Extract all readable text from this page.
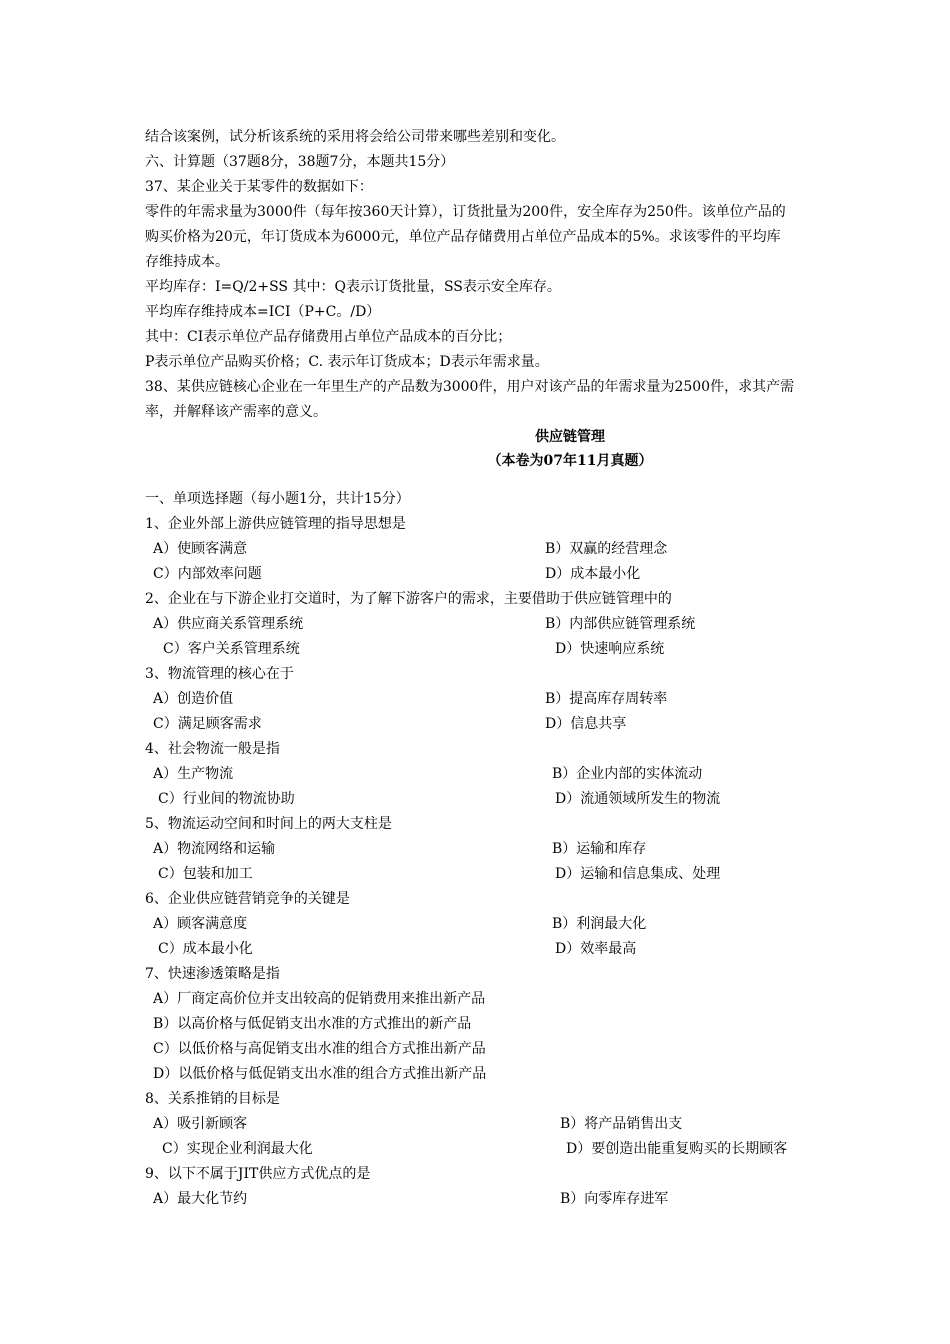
结合该案例，试分析该系统的采用将会给公司带来哪些差别和变化。
六、计算题（37题8分，38题7分，本题共15分）
37、某企业关于某零件的数据如下：
零件的年需求量为3000件（每年按360天计算），订货批量为200件，安全库存为250件。该单位产品的
购买价格为20元，年订货成本为6000元，单位产品存储费用占单位产品成本的5%。求该零件的平均库
存维持成本。
平均库存：I=Q/2+SS 其中：Q表示订货批量，SS表示安全库存。
平均库存维持成本=ICI（P+C。/D）
其中：CI表示单位产品存储费用占单位产品成本的百分比；
P表示单位产品购买价格；C. 表示年订货成本；D表示年需求量。
38、某供应链核心企业在一年里生产的产品数为3000件，用户对该产品的年需求量为2500件，求其产需
率，并解释该产需率的意义。
供应链管理
（本卷为07年11月真题）
一、单项选择题（每小题1分，共计15分）
1、企业外部上游供应链管理的指导思想是
A）使顾客满意	B）双赢的经营理念
C）内部效率问题	D）成本最小化
2、企业在与下游企业打交道时，为了解下游客户的需求，主要借助于供应链管理中的
A）供应商关系管理系统	B）内部供应链管理系统
C）客户关系管理系统	D）快速响应系统
3、物流管理的核心在于
A）创造价值	B）提高库存周转率
C）满足顾客需求	D）信息共享
4、社会物流一般是指
A）生产物流	B）企业内部的实体流动
C）行业间的物流协助	D）流通领域所发生的物流
5、物流运动空间和时间上的两大支柱是
A）物流网络和运输	B）运输和库存
C）包装和加工	D）运输和信息集成、处理
6、企业供应链营销竞争的关键是
A）顾客满意度	B）利润最大化
C）成本最小化	D）效率最高
7、快速渗透策略是指
A）厂商定高价位并支出较高的促销费用来推出新产品
B）以高价格与低促销支出水准的方式推出的新产品
C）以低价格与高促销支出水准的组合方式推出新产品
D）以低价格与低促销支出水准的组合方式推出新产品
8、关系推销的目标是
A）吸引新顾客	B）将产品销售出支
C）实现企业利润最大化	D）要创造出能重复购买的长期顾客
9、以下不属于JIT供应方式优点的是
A）最大化节约	B）向零库存进军
